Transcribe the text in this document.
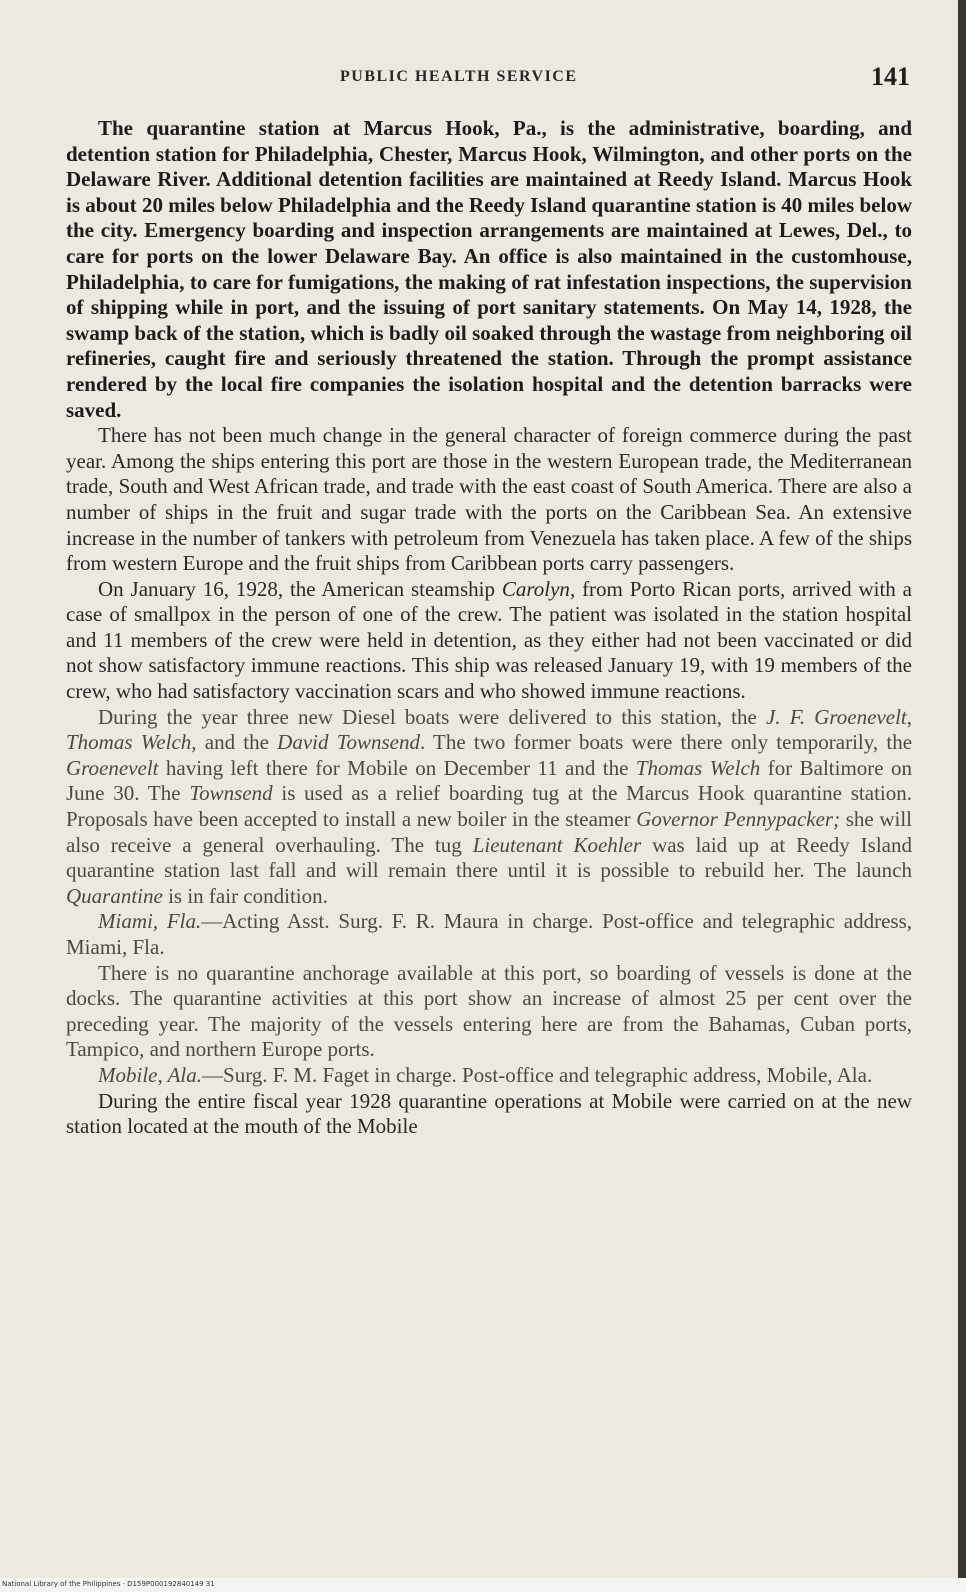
PUBLIC HEALTH SERVICE	141

The quarantine station at Marcus Hook, Pa., is the administrative, boarding, and detention station for Philadelphia, Chester, Marcus Hook, Wilmington, and other ports on the Delaware River. Additional detention facilities are maintained at Reedy Island. Marcus Hook is about 20 miles below Philadelphia and the Reedy Island quarantine station is 40 miles below the city. Emergency boarding and inspection arrangements are maintained at Lewes, Del., to care for ports on the lower Delaware Bay. An office is also maintained in the customhouse, Philadelphia, to care for fumigations, the making of rat infestation inspections, the supervision of shipping while in port, and the issuing of port sanitary statements. On May 14, 1928, the swamp back of the station, which is badly oil soaked through the wastage from neighboring oil refineries, caught fire and seriously threatened the station. Through the prompt assistance rendered by the local fire companies the isolation hospital and the detention barracks were saved.

There has not been much change in the general character of foreign commerce during the past year. Among the ships entering this port are those in the western European trade, the Mediterranean trade, South and West African trade, and trade with the east coast of South America. There are also a number of ships in the fruit and sugar trade with the ports on the Caribbean Sea. An extensive increase in the number of tankers with petroleum from Venezuela has taken place. A few of the ships from western Europe and the fruit ships from Caribbean ports carry passengers.

On January 16, 1928, the American steamship Carolyn, from Porto Rican ports, arrived with a case of smallpox in the person of one of the crew. The patient was isolated in the station hospital and 11 members of the crew were held in detention, as they either had not been vaccinated or did not show satisfactory immune reactions. This ship was released January 19, with 19 members of the crew, who had satisfactory vaccination scars and who showed immune reactions.

During the year three new Diesel boats were delivered to this station, the J. F. Groenevelt, Thomas Welch, and the David Townsend. The two former boats were there only temporarily, the Groenevelt having left there for Mobile on December 11 and the Thomas Welch for Baltimore on June 30. The Townsend is used as a relief boarding tug at the Marcus Hook quarantine station. Proposals have been accepted to install a new boiler in the steamer Governor Pennypacker; she will also receive a general overhauling. The tug Lieutenant Koehler was laid up at Reedy Island quarantine station last fall and will remain there until it is possible to rebuild her. The launch Quarantine is in fair condition.

Miami, Fla.—Acting Asst. Surg. F. R. Maura in charge. Post-office and telegraphic address, Miami, Fla.

There is no quarantine anchorage available at this port, so boarding of vessels is done at the docks. The quarantine activities at this port show an increase of almost 25 per cent over the preceding year. The majority of the vessels entering here are from the Bahamas, Cuban ports, Tampico, and northern Europe ports.

Mobile, Ala.—Surg. F. M. Faget in charge. Post-office and telegraphic address, Mobile, Ala.

During the entire fiscal year 1928 quarantine operations at Mobile were carried on at the new station located at the mouth of the Mobile

National Library of the Philippines · D159P000192840149 31
